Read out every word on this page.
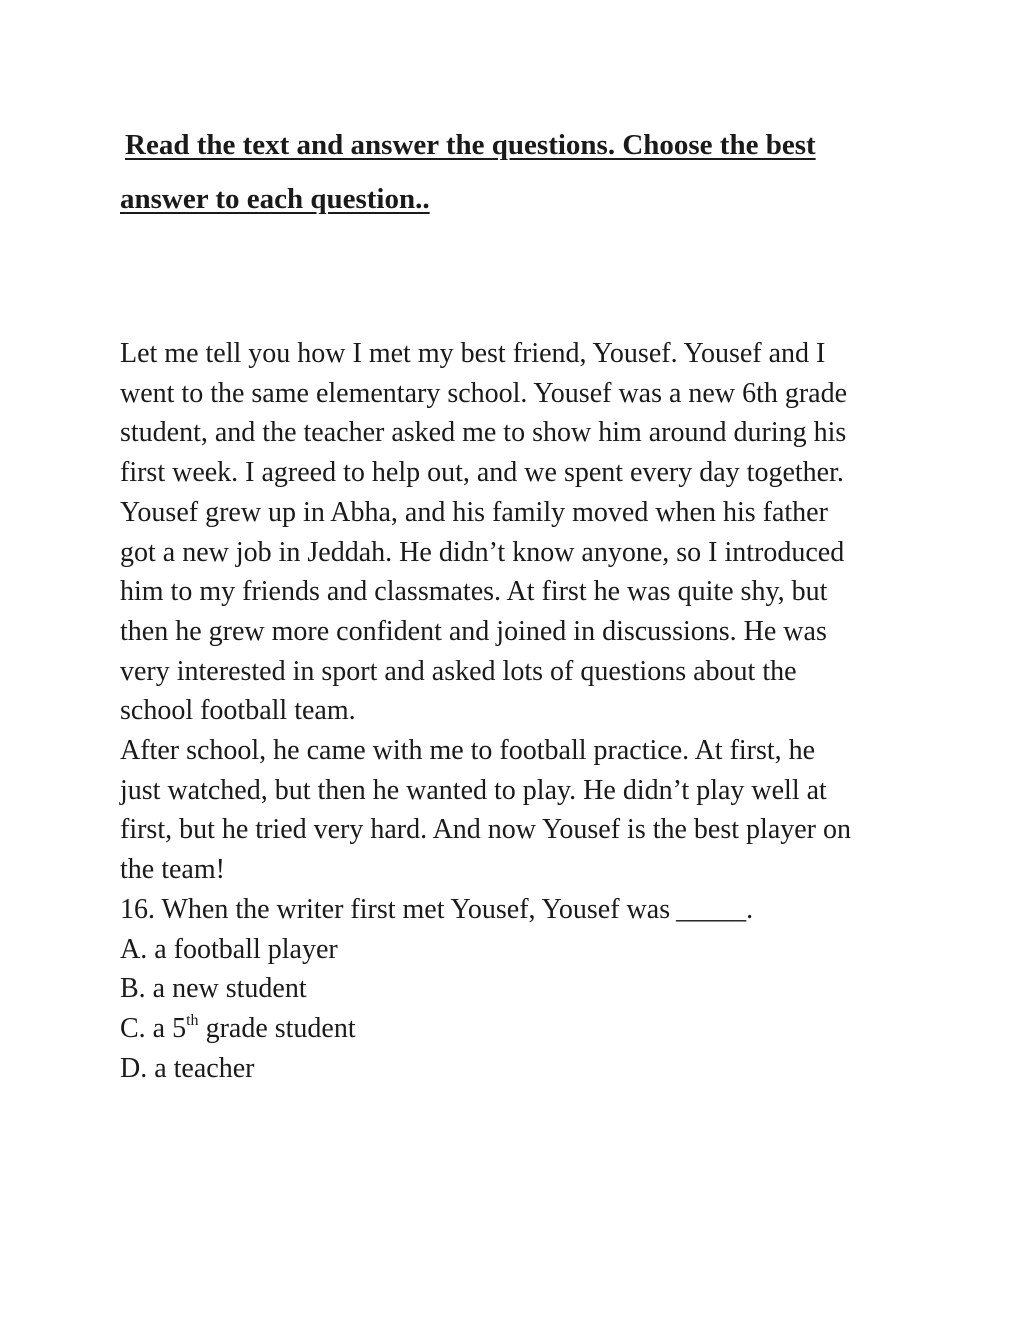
Read the text and answer the questions. Choose the best
answer to each question..
Let me tell you how I met my best friend, Yousef. Yousef and I
went to the same elementary school. Yousef was a new 6th grade
student, and the teacher asked me to show him around during his
first week. I agreed to help out, and we spent every day together.
Yousef grew up in Abha, and his family moved when his father
got a new job in Jeddah. He didn’t know anyone, so I introduced
him to my friends and classmates. At first he was quite shy, but
then he grew more confident and joined in discussions. He was
very interested in sport and asked lots of questions about the
school football team.
After school, he came with me to football practice. At first, he
just watched, but then he wanted to play. He didn’t play well at
first, but he tried very hard. And now Yousef is the best player on
the team!
16. When the writer first met Yousef, Yousef was _____.
A. a football player
B. a new student
C. a 5th grade student
D. a teacher
